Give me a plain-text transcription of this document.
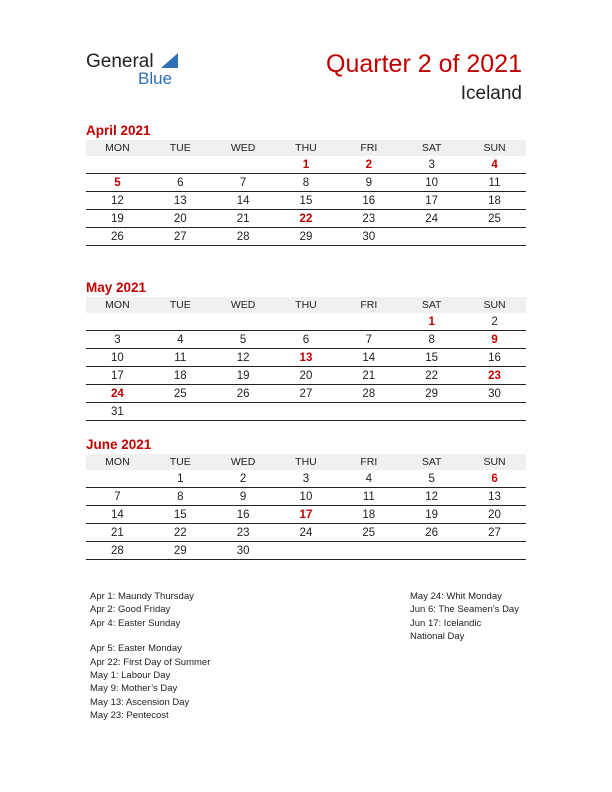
General
Blue
Quarter 2 of 2021
Iceland
April 2021
MON	TUE	WED	THU	FRI	SAT	SUN
			1	2	3	4
5	6	7	8	9	10	11
12	13	14	15	16	17	18
19	20	21	22	23	24	25
26	27	28	29	30		
May 2021
MON	TUE	WED	THU	FRI	SAT	SUN
					1	2
3	4	5	6	7	8	9
10	11	12	13	14	15	16
17	18	19	20	21	22	23
24	25	26	27	28	29	30
31						
June 2021
MON	TUE	WED	THU	FRI	SAT	SUN
	1	2	3	4	5	6
7	8	9	10	11	12	13
14	15	16	17	18	19	20
21	22	23	24	25	26	27
28	29	30				
Apr 1: Maundy Thursday
Apr 2: Good Friday
Apr 4: Easter Sunday
Apr 5: Easter Monday
Apr 22: First Day of Summer
May 1: Labour Day
May 9: Mother’s Day
May 13: Ascension Day
May 23: Pentecost
May 24: Whit Monday
Jun 6: The Seamen’s Day
Jun 17: Icelandic
National Day
